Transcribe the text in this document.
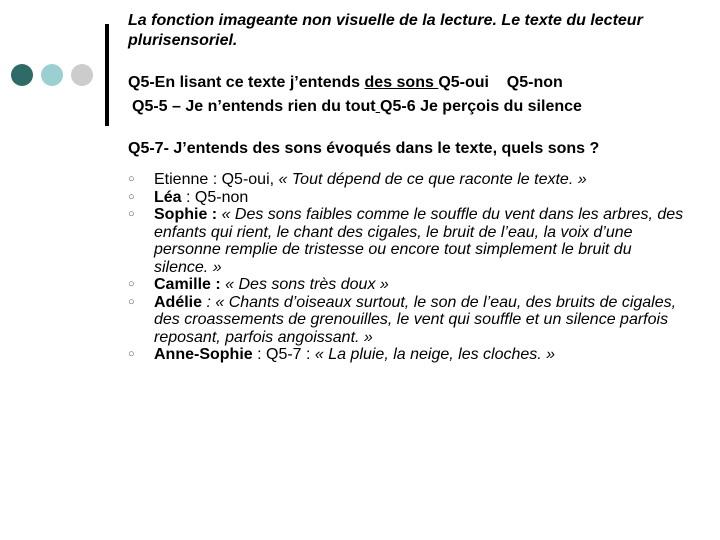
La fonction imageante non visuelle de la lecture. Le texte du lecteur plurisensoriel.
Q5-En lisant ce texte j’entends des sons Q5-oui    Q5-non
Q5-5 – Je n’entends rien du tout Q5-6 Je perçois du silence
Q5-7- J’entends des sons évoqués dans le texte, quels sons ?
○ Etienne : Q5-oui, « Tout dépend de ce que raconte le texte. »
○ Léa : Q5-non
○ Sophie : « Des sons faibles comme le souffle du vent dans les arbres, des enfants qui rient, le chant des cigales, le bruit de l’eau, la voix d’une personne remplie de tristesse ou encore tout simplement le bruit du silence. »
○ Camille : « Des sons très doux »
○ Adélie : « Chants d’oiseaux surtout, le son de l’eau, des bruits de cigales, des croassements de grenouilles, le vent qui souffle et un silence parfois reposant, parfois angoissant. »
○ Anne-Sophie : Q5-7 : « La pluie, la neige, les cloches. »
